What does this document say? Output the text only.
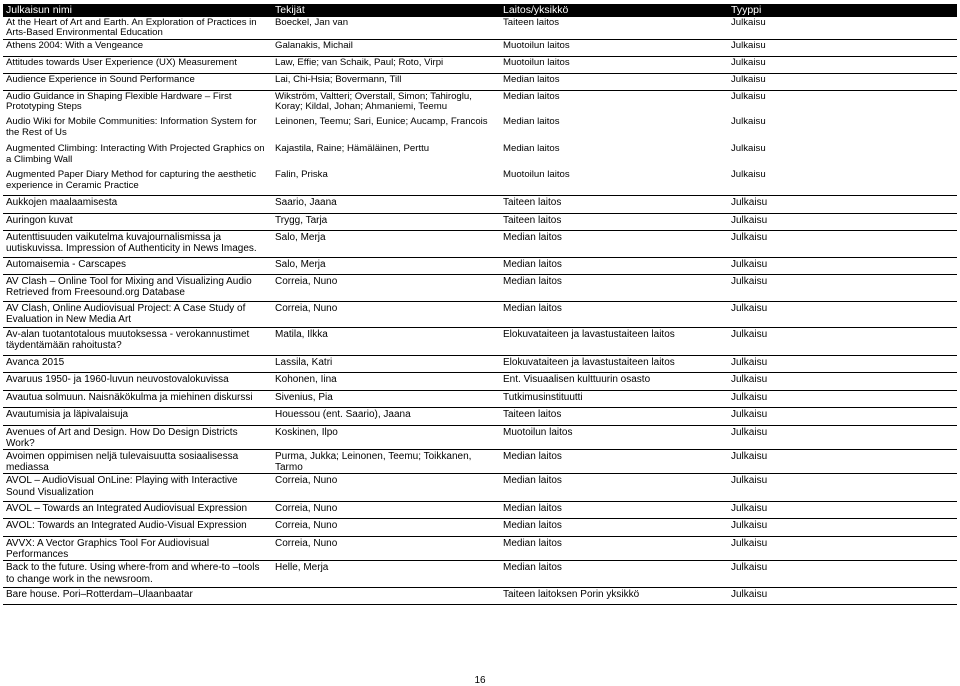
Julkaisun nimi	Tekijät	Laitos/yksikkö	Tyyppi
At the Heart of Art and Earth. An Exploration of Practices in Arts-Based Environmental Education	Boeckel, Jan van	Taiteen laitos	Julkaisu
Athens 2004: With a Vengeance	Galanakis, Michail	Muotoilun laitos	Julkaisu
Attitudes towards User Experience (UX) Measurement	Law, Effie; van Schaik, Paul; Roto, Virpi	Muotoilun laitos	Julkaisu
Audience Experience in Sound Performance	Lai, Chi-Hsia; Bovermann, Till	Median laitos	Julkaisu
Audio Guidance in Shaping Flexible Hardware – First Prototyping Steps	Wikström, Valtteri; Overstall, Simon; Tahiroglu, Koray; Kildal, Johan; Ahmaniemi, Teemu	Median laitos	Julkaisu
Audio Wiki for Mobile Communities: Information System for the Rest of Us	Leinonen, Teemu; Sari, Eunice; Aucamp, Francois	Median laitos	Julkaisu
Augmented Climbing: Interacting With Projected Graphics on a Climbing Wall	Kajastila, Raine; Hämäläinen, Perttu	Median laitos	Julkaisu
Augmented Paper Diary Method for capturing the aesthetic experience in Ceramic Practice	Falin, Priska	Muotoilun laitos	Julkaisu
Aukkojen maalaamisesta	Saario, Jaana	Taiteen laitos	Julkaisu
Auringon kuvat	Trygg, Tarja	Taiteen laitos	Julkaisu
Autenttisuuden vaikutelma kuvajournalismissa ja uutiskuvissa. Impression of Authenticity in News Images.	Salo, Merja	Median laitos	Julkaisu
Automaisemia - Carscapes	Salo, Merja	Median laitos	Julkaisu
AV Clash – Online Tool for Mixing and Visualizing Audio Retrieved from Freesound.org Database	Correia, Nuno	Median laitos	Julkaisu
AV Clash, Online Audiovisual Project: A Case Study of Evaluation in New Media Art	Correia, Nuno	Median laitos	Julkaisu
Av-alan tuotantotalous muutoksessa - verokannustimet täydentämään rahoitusta?	Matila, Ilkka	Elokuvataiteen ja lavastustaiteen laitos	Julkaisu
Avanca 2015	Lassila, Katri	Elokuvataiteen ja lavastustaiteen laitos	Julkaisu
Avaruus 1950- ja 1960-luvun neuvostovalokuvissa	Kohonen, Iina	Ent. Visuaalisen kulttuurin osasto	Julkaisu
Avautua solmuun. Naisnäkökulma ja miehinen diskurssi	Sivenius, Pia	Tutkimusinstituutti	Julkaisu
Avautumisia ja läpivalaisuja	Houessou (ent. Saario), Jaana	Taiteen laitos	Julkaisu
Avenues of Art and Design. How Do Design Districts Work?	Koskinen, Ilpo	Muotoilun laitos	Julkaisu
Avoimen oppimisen neljä tulevaisuutta sosiaalisessa mediassa	Purma, Jukka; Leinonen, Teemu; Toikkanen, Tarmo	Median laitos	Julkaisu
AVOL – AudioVisual OnLine: Playing with Interactive Sound Visualization	Correia, Nuno	Median laitos	Julkaisu
AVOL – Towards an Integrated Audiovisual Expression	Correia, Nuno	Median laitos	Julkaisu
AVOL: Towards an Integrated Audio-Visual Expression	Correia, Nuno	Median laitos	Julkaisu
AVVX: A Vector Graphics Tool For Audiovisual Performances	Correia, Nuno	Median laitos	Julkaisu
Back to the future. Using where-from and where-to –tools to change work in the newsroom.	Helle, Merja	Median laitos	Julkaisu
Bare house. Pori–Rotterdam–Ulaanbaatar		Taiteen laitoksen Porin yksikkö	Julkaisu
16
